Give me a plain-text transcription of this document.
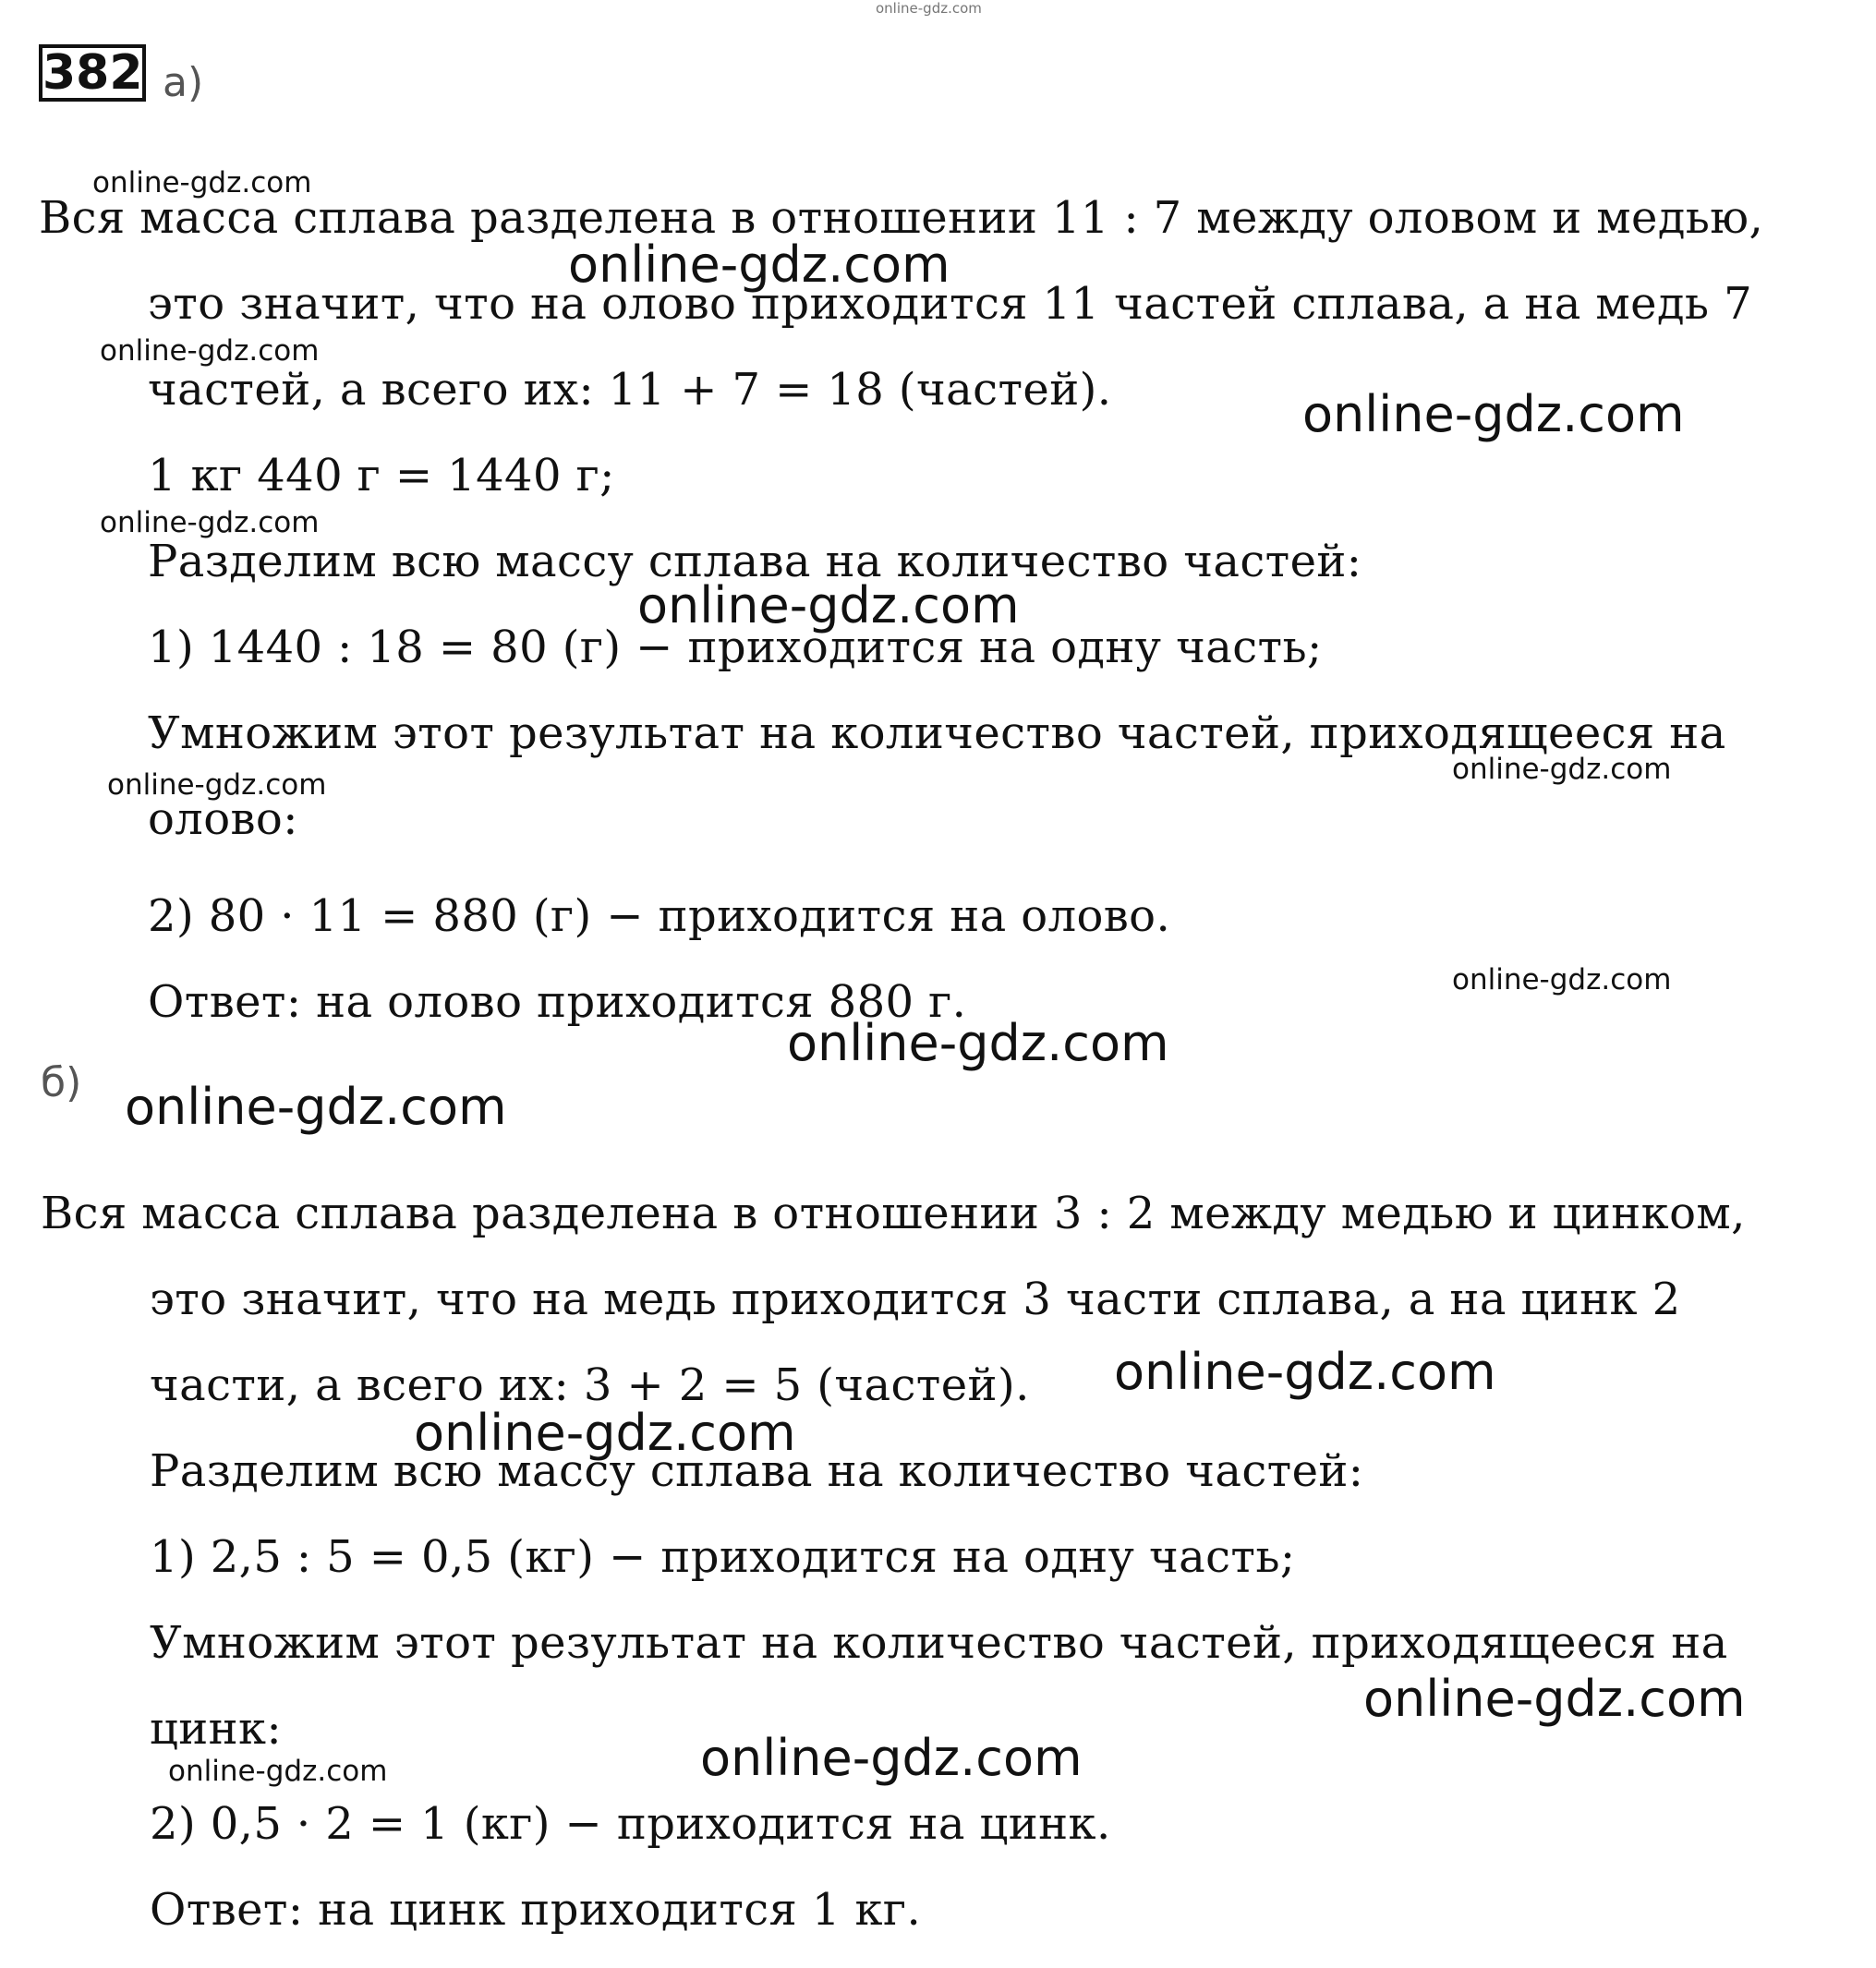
382 а)
Вся масса сплава разделена в отношении 11 : 7 между оловом и медью,
это значит, что на олово приходится 11 частей сплава, а на медь 7
частей, а всего их: 11 + 7 = 18 (частей).
1 кг 440 г = 1440 г;
Разделим всю массу сплава на количество частей:
1) 1440 : 18 = 80 (г) − приходится на одну часть;
Умножим этот результат на количество частей, приходящееся на
олово:
2) 80 · 11 = 880 (г) − приходится на олово.
Ответ: на олово приходится 880 г.
б)
Вся масса сплава разделена в отношении 3 : 2 между медью и цинком,
это значит, что на медь приходится 3 части сплава, а на цинк 2
части, а всего их: 3 + 2 = 5 (частей).
Разделим всю массу сплава на количество частей:
1) 2,5 : 5 = 0,5 (кг) − приходится на одну часть;
Умножим этот результат на количество частей, приходящееся на
цинк:
2) 0,5 · 2 = 1 (кг) − приходится на цинк.
Ответ: на цинк приходится 1 кг.
online-gdz.com
online-gdz.com
online-gdz.com
online-gdz.com
online-gdz.com
online-gdz.com
online-gdz.com
online-gdz.com
online-gdz.com
online-gdz.com
online-gdz.com
online-gdz.com
online-gdz.com
online-gdz.com
online-gdz.com
online-gdz.com
online-gdz.com
